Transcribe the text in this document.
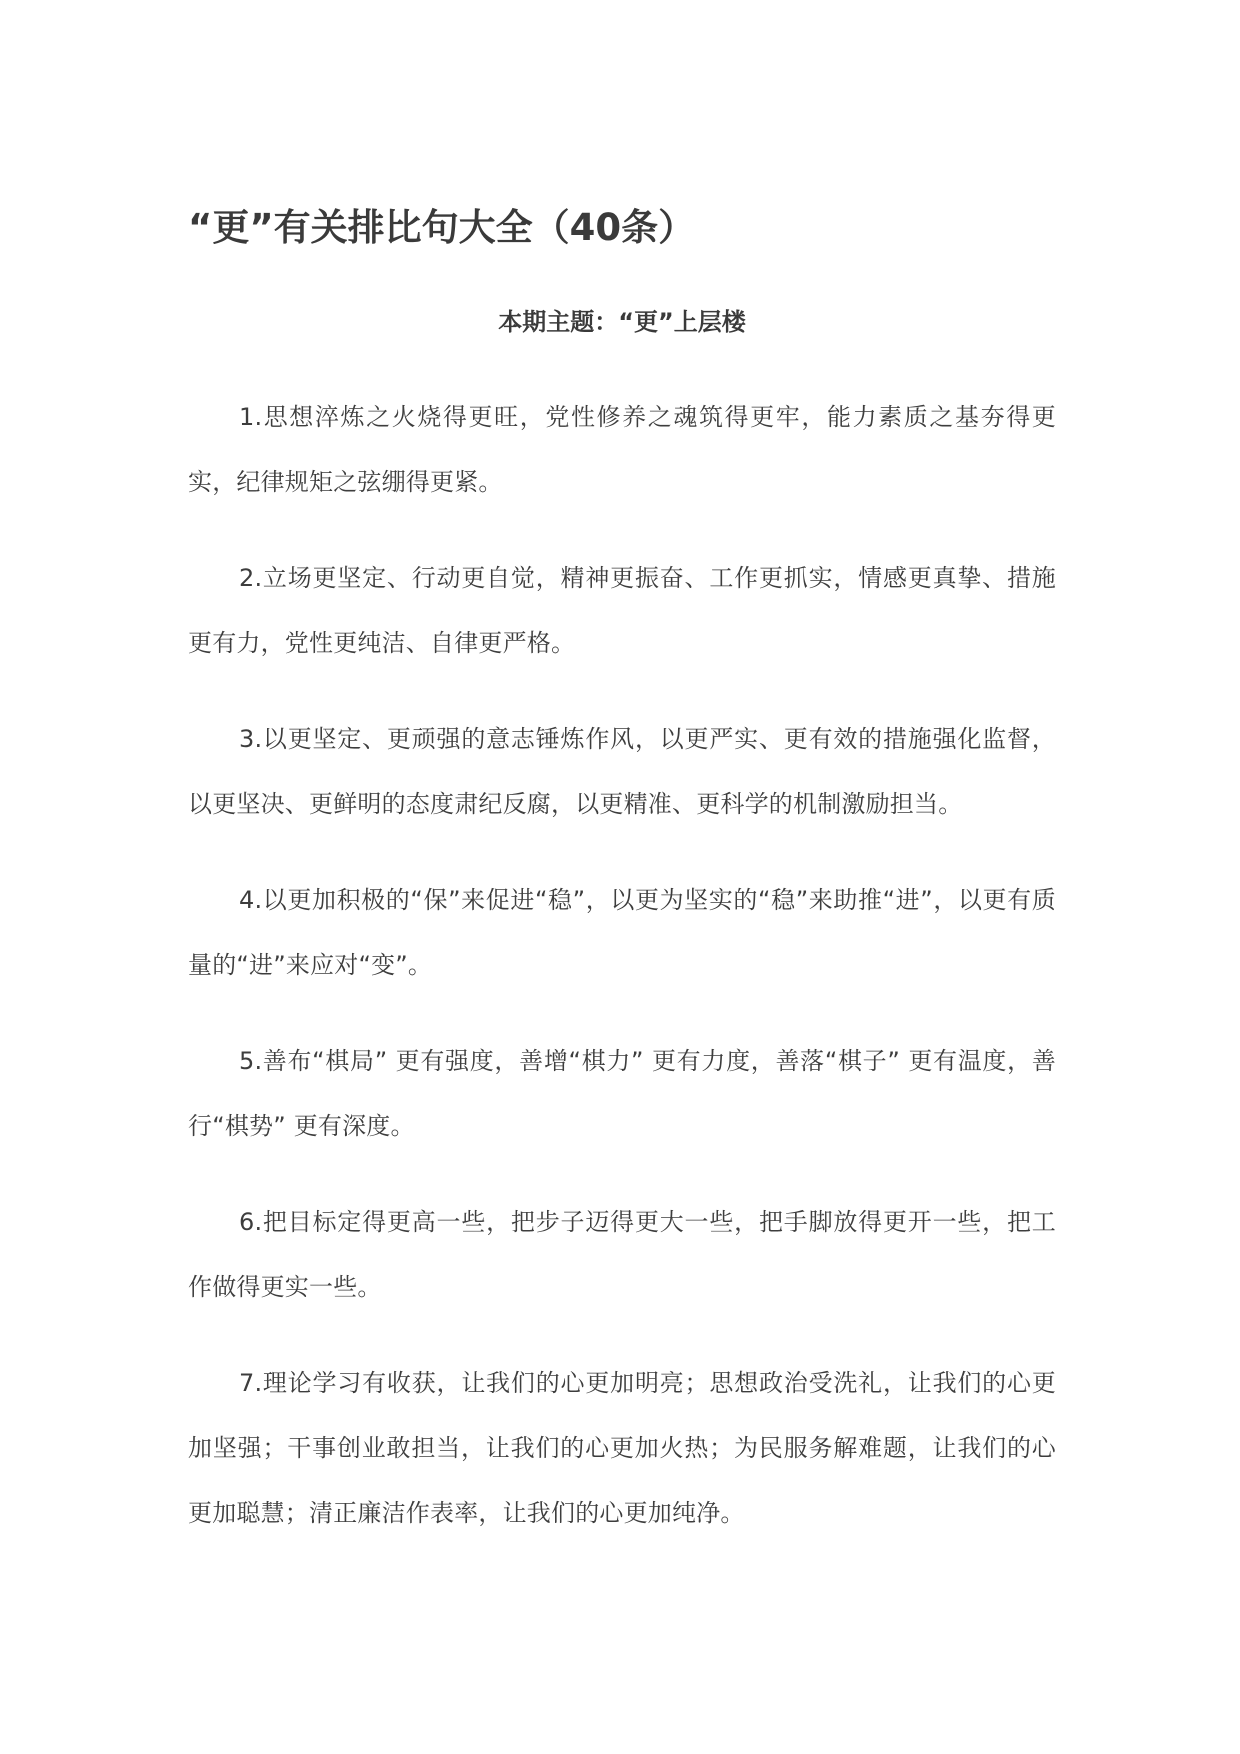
“更”有关排比句大全（40条）
本期主题：“更”上层楼

1.思想淬炼之火烧得更旺，党性修养之魂筑得更牢，能力素质之基夯得更实，纪律规矩之弦绷得更紧。

2.立场更坚定、行动更自觉，精神更振奋、工作更抓实，情感更真挚、措施更有力，党性更纯洁、自律更严格。

3.以更坚定、更顽强的意志锤炼作风，以更严实、更有效的措施强化监督，以更坚决、更鲜明的态度肃纪反腐，以更精准、更科学的机制激励担当。

4.以更加积极的“保”来促进“稳”，以更为坚实的“稳”来助推“进”，以更有质量的“进”来应对“变”。

5.善布“棋局” 更有强度，善增“棋力” 更有力度，善落“棋子” 更有温度，善行“棋势” 更有深度。

6.把目标定得更高一些，把步子迈得更大一些，把手脚放得更开一些，把工作做得更实一些。

7.理论学习有收获，让我们的心更加明亮；思想政治受洗礼，让我们的心更加坚强；干事创业敢担当，让我们的心更加火热；为民服务解难题，让我们的心更加聪慧；清正廉洁作表率，让我们的心更加纯净。
